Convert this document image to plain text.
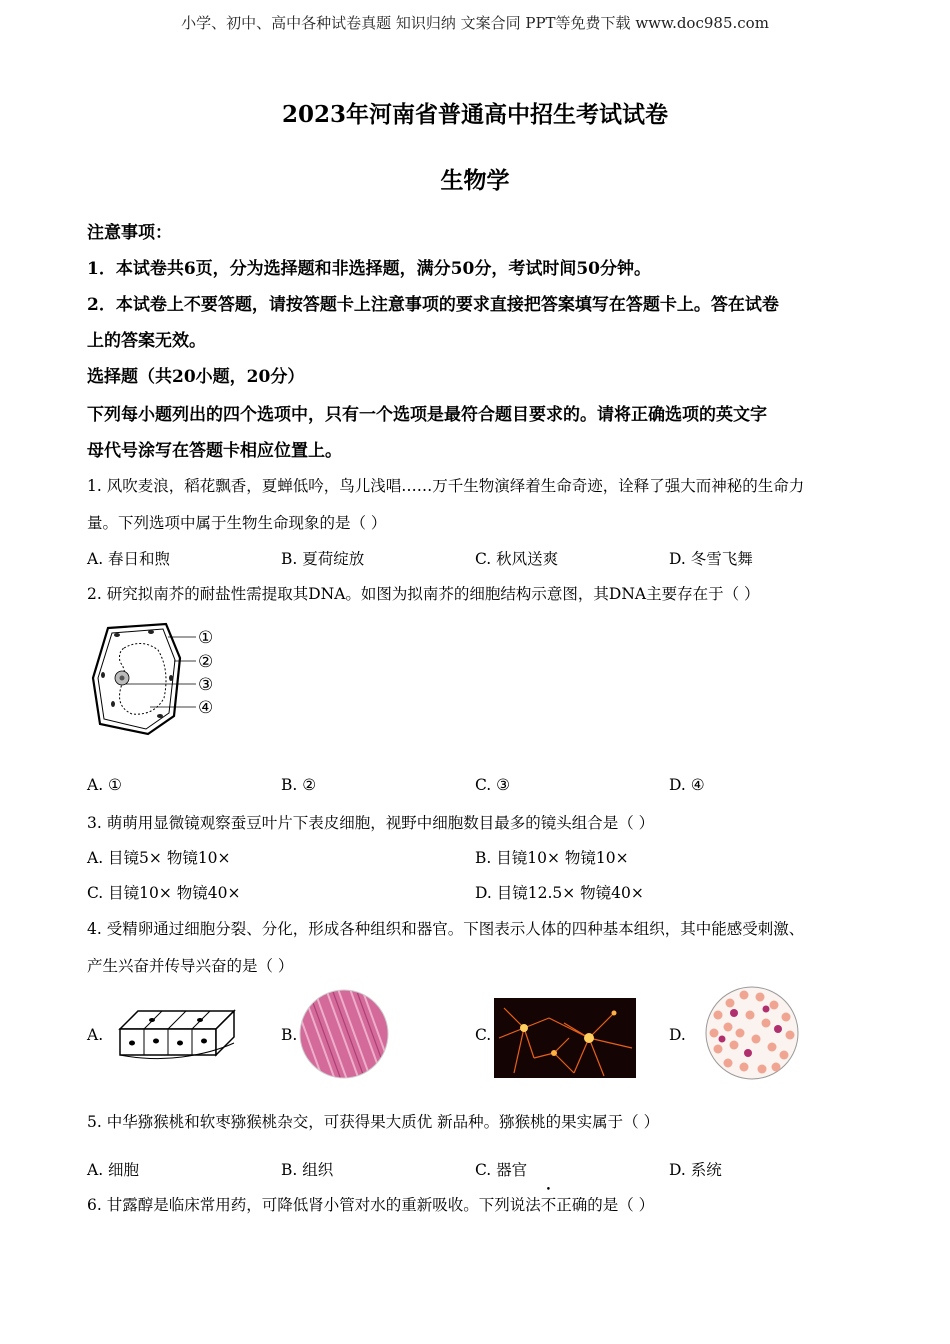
小学、初中、高中各种试卷真题 知识归纳 文案合同 PPT等免费下载 www.doc985.com
2023年河南省普通高中招生考试试卷
生物学
注意事项：
1．本试卷共6页，分为选择题和非选择题，满分50分，考试时间50分钟。
2．本试卷上不要答题，请按答题卡上注意事项的要求直接把答案填写在答题卡上。答在试卷
上的答案无效。
选择题（共20小题，20分）
下列每小题列出的四个选项中，只有一个选项是最符合题目要求的。请将正确选项的英文字
母代号涂写在答题卡相应位置上。
1. 风吹麦浪，稻花飘香，夏蝉低吟，鸟儿浅唱……万千生物演绎着生命奇迹，诠释了强大而神秘的生命力
量。下列选项中属于生物生命现象的是（ ）
A. 春日和煦	B. 夏荷绽放	C. 秋风送爽	D. 冬雪飞舞
2. 研究拟南芥的耐盐性需提取其DNA。如图为拟南芥的细胞结构示意图，其DNA主要存在于（ ）
①
②
③
④
A. ①	B. ②	C. ③	D. ④
3. 萌萌用显微镜观察蚕豆叶片下表皮细胞，视野中细胞数目最多的镜头组合是（ ）
A. 目镜5× 物镜10×	B. 目镜10× 物镜10×
C. 目镜10× 物镜40×	D. 目镜12.5× 物镜40×
4. 受精卵通过细胞分裂、分化，形成各种组织和器官。下图表示人体的四种基本组织，其中能感受刺激、
产生兴奋并传导兴奋的是（ ）
A.	B.	C.	D.
5. 中华猕猴桃和软枣猕猴桃杂交，可获得果大质优 新品种。猕猴桃的果实属于（ ）
A. 细胞	B. 组织	C. 器官	D. 系统
6. 甘露醇是临床常用药，可降低肾小管对水的重新吸收。下列说法不正确的是（ ）
